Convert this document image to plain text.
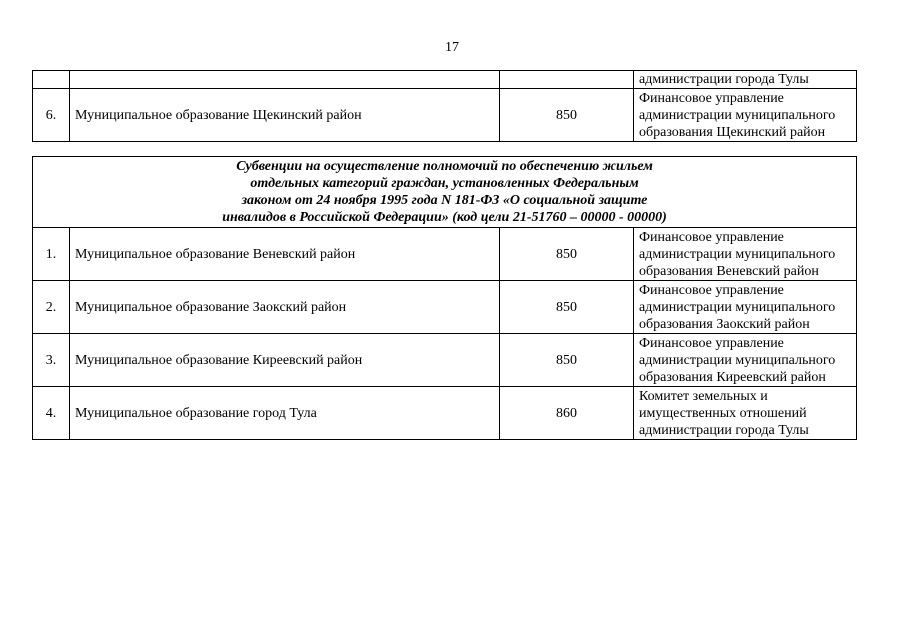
17
			администрации города Тулы
6.	Муниципальное образование Щекинский район	850	Финансовое управление
администрации муниципального
образования Щекинский район
Субвенции на осуществление полномочий по обеспечению жильем
отдельных категорий граждан, установленных Федеральным
законом от 24 ноября 1995 года N 181-ФЗ «О социальной защите
инвалидов в Российской Федерации» (код цели 21-51760 – 00000 - 00000)			

1.	Муниципальное образование Веневский район	850	Финансовое управление
администрации муниципального
образования Веневский район

2.	Муниципальное образование Заокский район	850	Финансовое управление
администрации муниципального
образования Заокский район

3.	Муниципальное образование Киреевский район	850	Финансовое управление
администрации муниципального
образования Киреевский район

4.	Муниципальное образование город Тула	860	Комитет земельных и
имущественных отношений
администрации города Тулы
